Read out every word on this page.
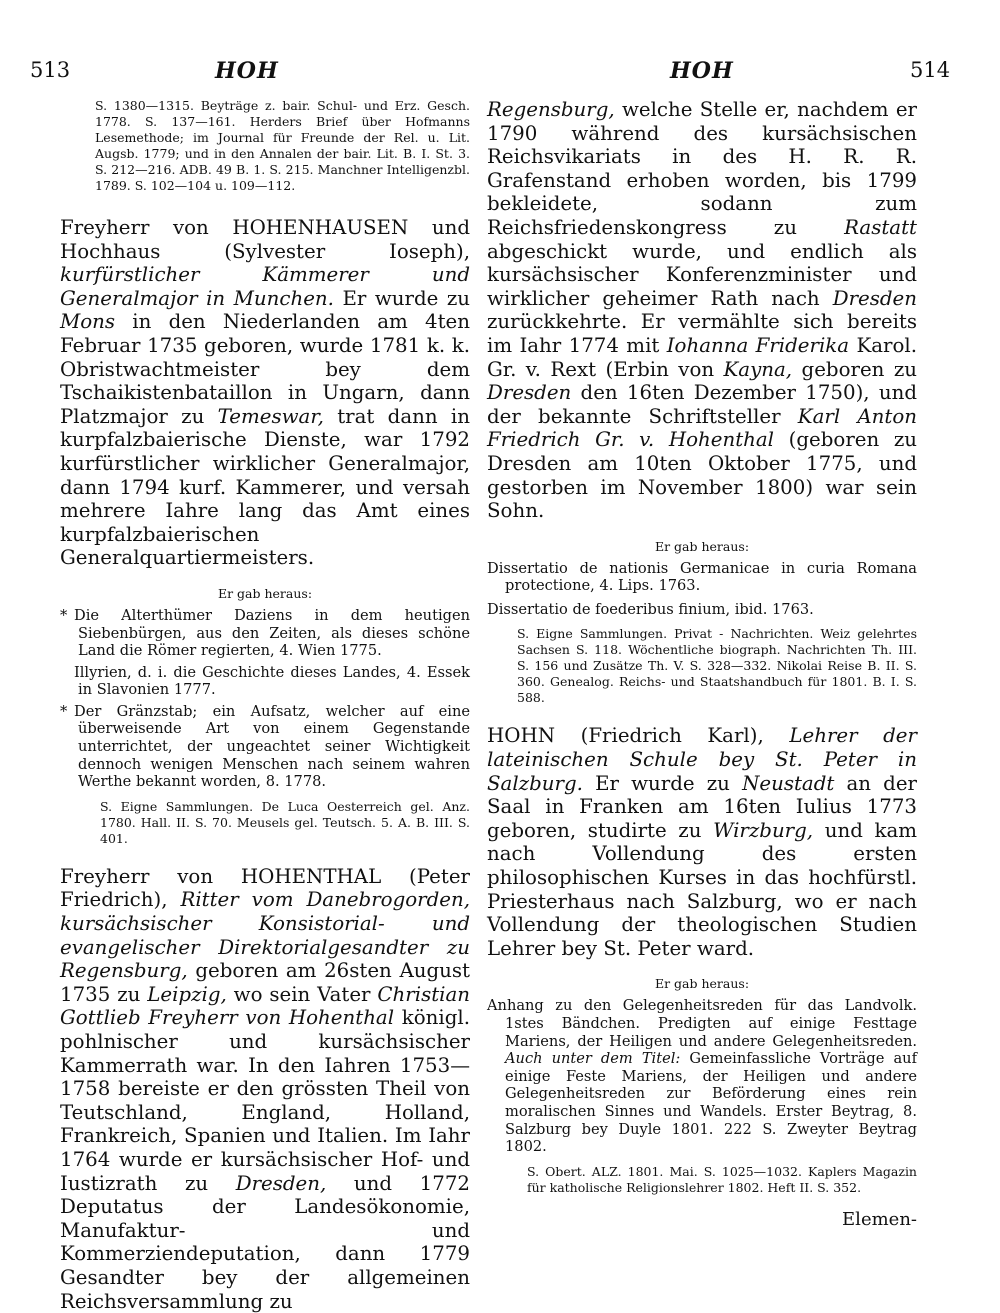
513	HOH	HOH	514

S. 1380—1315. Beyträge z. bair. Schul- und Erz. Gesch. 1778. S. 137—161. Herders Brief über Hofmanns Lesemethode; im Journal für Freunde der Rel. u. Lit. Augsb. 1779; und in den Annalen der bair. Lit. B. I. St. 3. S. 212—216. ADB. 49 B. 1. S. 215. Manchner Intelligenzbl. 1789. S. 102—104 u. 109—112.

Freyherr von HOHENHAUSEN und Hochhaus (Sylvester Ioseph), kurfürstlicher Kämmerer und Generalmajor in Munchen. Er wurde zu Mons in den Niederlanden am 4ten Februar 1735 geboren, wurde 1781 k. k. Obristwachtmeister bey dem Tschaikistenbataillon in Ungarn, dann Platzmajor zu Temeswar, trat dann in kurpfalzbaierische Dienste, war 1792 kurfürstlicher wirklicher Generalmajor, dann 1794 kurf. Kammerer, und versah mehrere Iahre lang das Amt eines kurpfalzbaierischen Generalquartiermeisters.

Er gab heraus:

* Die Alterthümer Daziens in dem heutigen Siebenbürgen, aus den Zeiten, als dieses schöne Land die Römer regierten, 4. Wien 1775.
Illyrien, d. i. die Geschichte dieses Landes, 4. Essek in Slavonien 1777.
* Der Gränzstab; ein Aufsatz, welcher auf eine überweisende Art von einem Gegenstande unterrichtet, der ungeachtet seiner Wichtigkeit dennoch wenigen Menschen nach seinem wahren Werthe bekannt worden, 8. 1778.

S. Eigne Sammlungen. De Luca Oesterreich gel. Anz. 1780. Hall. II. S. 70. Meusels gel. Teutsch. 5. A. B. III. S. 401.

Freyherr von HOHENTHAL (Peter Friedrich), Ritter vom Danebrogorden, kursächsischer Konsistorial- und evangelischer Direktorialgesandter zu Regensburg, geboren am 26sten August 1735 zu Leipzig, wo sein Vater Christian Gottlieb Freyherr von Hohenthal königl. pohlnischer und kursächsischer Kammerrath war. In den Iahren 1753—1758 bereiste er den grössten Theil von Teutschland, England, Holland, Frankreich, Spanien und Italien. Im Iahr 1764 wurde er kursächsischer Hof- und Iustizrath zu Dresden, und 1772 Deputatus der Landesökonomie, Manufaktur- und Kommerziendeputation, dann 1779 Gesandter bey der allgemeinen Reichsversammlung zu

Regensburg, welche Stelle er, nachdem er 1790 während des kursächsischen Reichsvikariats in des H. R. R. Grafenstand erhoben worden, bis 1799 bekleidete, sodann zum Reichsfriedenskongress zu Rastatt abgeschickt wurde, und endlich als kursächsischer Konferenzminister und wirklicher geheimer Rath nach Dresden zurückkehrte. Er vermählte sich bereits im Iahr 1774 mit Iohanna Friderika Karol. Gr. v. Rext (Erbin von Kayna, geboren zu Dresden den 16ten Dezember 1750), und der bekannte Schriftsteller Karl Anton Friedrich Gr. v. Hohenthal (geboren zu Dresden am 10ten Oktober 1775, und gestorben im November 1800) war sein Sohn.

Er gab heraus:

Dissertatio de nationis Germanicae in curia Romana protectione, 4. Lips. 1763.
Dissertatio de foederibus finium, ibid. 1763.

S. Eigne Sammlungen. Privat - Nachrichten. Weiz gelehrtes Sachsen S. 118. Wöchentliche biograph. Nachrichten Th. III. S. 156 und Zusätze Th. V. S. 328—332. Nikolai Reise B. II. S. 360. Genealog. Reichs- und Staatshandbuch für 1801. B. I. S. 588.

HOHN (Friedrich Karl), Lehrer der lateinischen Schule bey St. Peter in Salzburg. Er wurde zu Neustadt an der Saal in Franken am 16ten Iulius 1773 geboren, studirte zu Wirzburg, und kam nach Vollendung des ersten philosophischen Kurses in das hochfürstl. Priesterhaus nach Salzburg, wo er nach Vollendung der theologischen Studien Lehrer bey St. Peter ward.

Er gab heraus:

Anhang zu den Gelegenheitsreden für das Landvolk. 1stes Bändchen. Predigten auf einige Festtage Mariens, der Heiligen und andere Gelegenheitsreden. Auch unter dem Titel: Gemeinfassliche Vorträge auf einige Feste Mariens, der Heiligen und andere Gelegenheitsreden zur Beförderung eines rein moralischen Sinnes und Wandels. Erster Beytrag, 8. Salzburg bey Duyle 1801. 222 S. Zweyter Beytrag 1802.

S. Obert. ALZ. 1801. Mai. S. 1025—1032. Kaplers Magazin für katholische Religionslehrer 1802. Heft II. S. 352.

Elemen-
